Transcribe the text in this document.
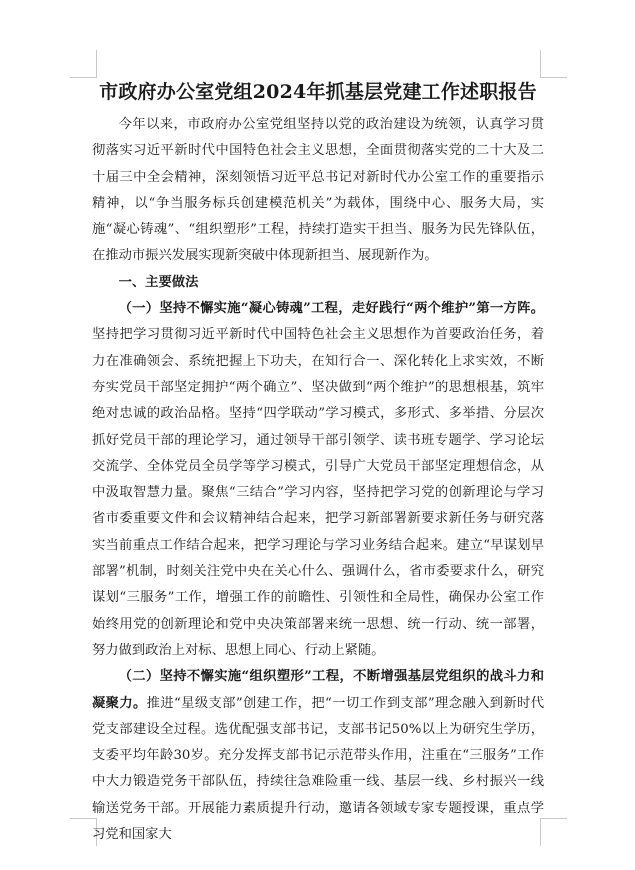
市政府办公室党组2024年抓基层党建工作述职报告

今年以来，市政府办公室党组坚持以党的政治建设为统领，认真学习贯彻落实习近平新时代中国特色社会主义思想，全面贯彻落实党的二十大及二十届三中全会精神，深刻领悟习近平总书记对新时代办公室工作的重要指示精神，以“争当服务标兵创建模范机关”为载体，围绕中心、服务大局，实施“凝心铸魂”、“组织塑形”工程，持续打造实干担当、服务为民先锋队伍，在推动市振兴发展实现新突破中体现新担当、展现新作为。

一、主要做法

（一）坚持不懈实施“凝心铸魂”工程，走好践行“两个维护”第一方阵。坚持把学习贯彻习近平新时代中国特色社会主义思想作为首要政治任务，着力在准确领会、系统把握上下功夫，在知行合一、深化转化上求实效，不断夯实党员干部坚定拥护“两个确立”、坚决做到“两个维护”的思想根基，筑牢绝对忠诚的政治品格。坚持“四学联动”学习模式，多形式、多举措、分层次抓好党员干部的理论学习，通过领导干部引领学、读书班专题学、学习论坛交流学、全体党员全员学等学习模式，引导广大党员干部坚定理想信念，从中汲取智慧力量。聚焦“三结合”学习内容，坚持把学习党的创新理论与学习省市委重要文件和会议精神结合起来，把学习新部署新要求新任务与研究落实当前重点工作结合起来，把学习理论与学习业务结合起来。建立“早谋划早部署”机制，时刻关注党中央在关心什么、强调什么，省市委要求什么，研究谋划“三服务”工作，增强工作的前瞻性、引领性和全局性，确保办公室工作始终用党的创新理论和党中央决策部署来统一思想、统一行动、统一部署，努力做到政治上对标、思想上同心、行动上紧随。

（二）坚持不懈实施“组织塑形”工程，不断增强基层党组织的战斗力和凝聚力。推进“星级支部”创建工作，把“一切工作到支部”理念融入到新时代党支部建设全过程。选优配强支部书记，支部书记50%以上为研究生学历，支委平均年龄30岁。充分发挥支部书记示范带头作用，注重在“三服务”工作中大力锻造党务干部队伍，持续往急难险重一线、基层一线、乡村振兴一线输送党务干部。开展能力素质提升行动，邀请各领域专家专题授课，重点学习党和国家大
